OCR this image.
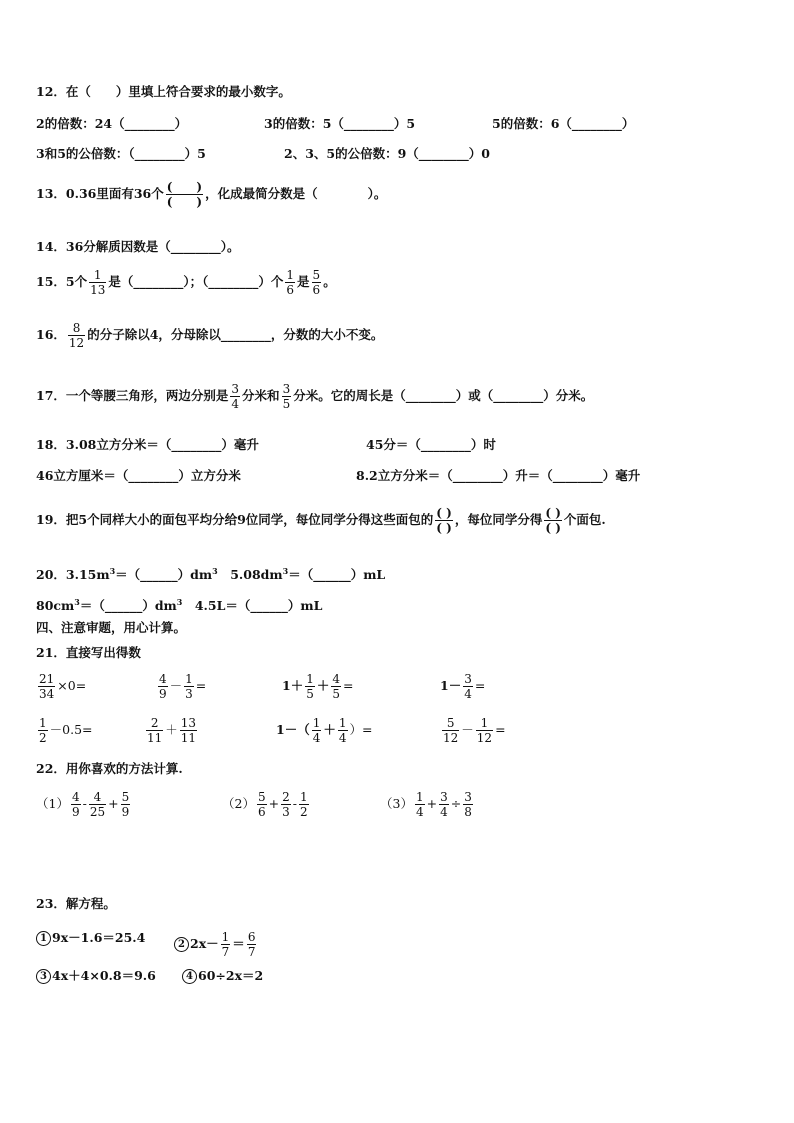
12．在（　　）里填上符合要求的最小数字。
2的倍数：24（________）	3的倍数：5（________）5	5的倍数：6（________）
3和5的公倍数：（________）5	2、3、5的公倍数：9（________）0
13．0.36里面有36个 $\frac{( )}{( )}$ ，化成最简分数是（　　　　）。
14．36分解质因数是（________）。
15．5个 $\frac{1}{13}$ 是（________）；（________）个 $\frac{1}{6}$ 是 $\frac{5}{6}$ 。
16． $\frac{8}{12}$ 的分子除以4，分母除以________，分数的大小不变。
17．一个等腰三角形，两边分别是 $\frac{3}{4}$ 分米和 $\frac{3}{5}$ 分米。它的周长是（________）或（________）分米。
18．3.08立方分米＝（________）毫升	45分＝（________）时
46立方厘米＝（________）立方分米	8.2立方分米＝（________）升＝（________）毫升
19．把5个同样大小的面包平均分给9位同学，每位同学分得这些面包的 $\frac{( )}{( )}$ ，每位同学分得 $\frac{( )}{( )}$ 个面包.
20．$3.15m^3=(\_\_\_\_\_\_)dm^3$　$5.08dm^3=(\_\_\_\_\_\_)mL$
$80cm^3=(\_\_\_\_\_\_)dm^3$　4.5L＝（______）mL
四、注意审题，用心计算。
21．直接写出得数
$\frac{21}{34} \times 0=$	$\frac{4}{9} - \frac{1}{3}$ =	$1+ \frac{1}{5} + \frac{4}{5}$ =	$1- \frac{3}{4}$ =
$\frac{1}{2} -0.5=$	$\frac{2}{11} + \frac{13}{11}$	$1-( \frac{1}{4} + \frac{1}{4}$ ）=	$\frac{5}{12} - \frac{1}{12}$ =
22．用你喜欢的方法计算.
$(1) \frac{4}{9} - \frac{4}{25} + \frac{5}{9}$	$(2) \frac{5}{6} + \frac{2}{3} - \frac{1}{2}$	$(3) \frac{1}{4} + \frac{3}{4} \div \frac{3}{8}$
23．解方程。
1 9x－1.6＝25.4	2 $2x- \frac{1}{7} = \frac{6}{7}$
3 4x＋4×0.8＝9.6	4 60÷2x＝2
